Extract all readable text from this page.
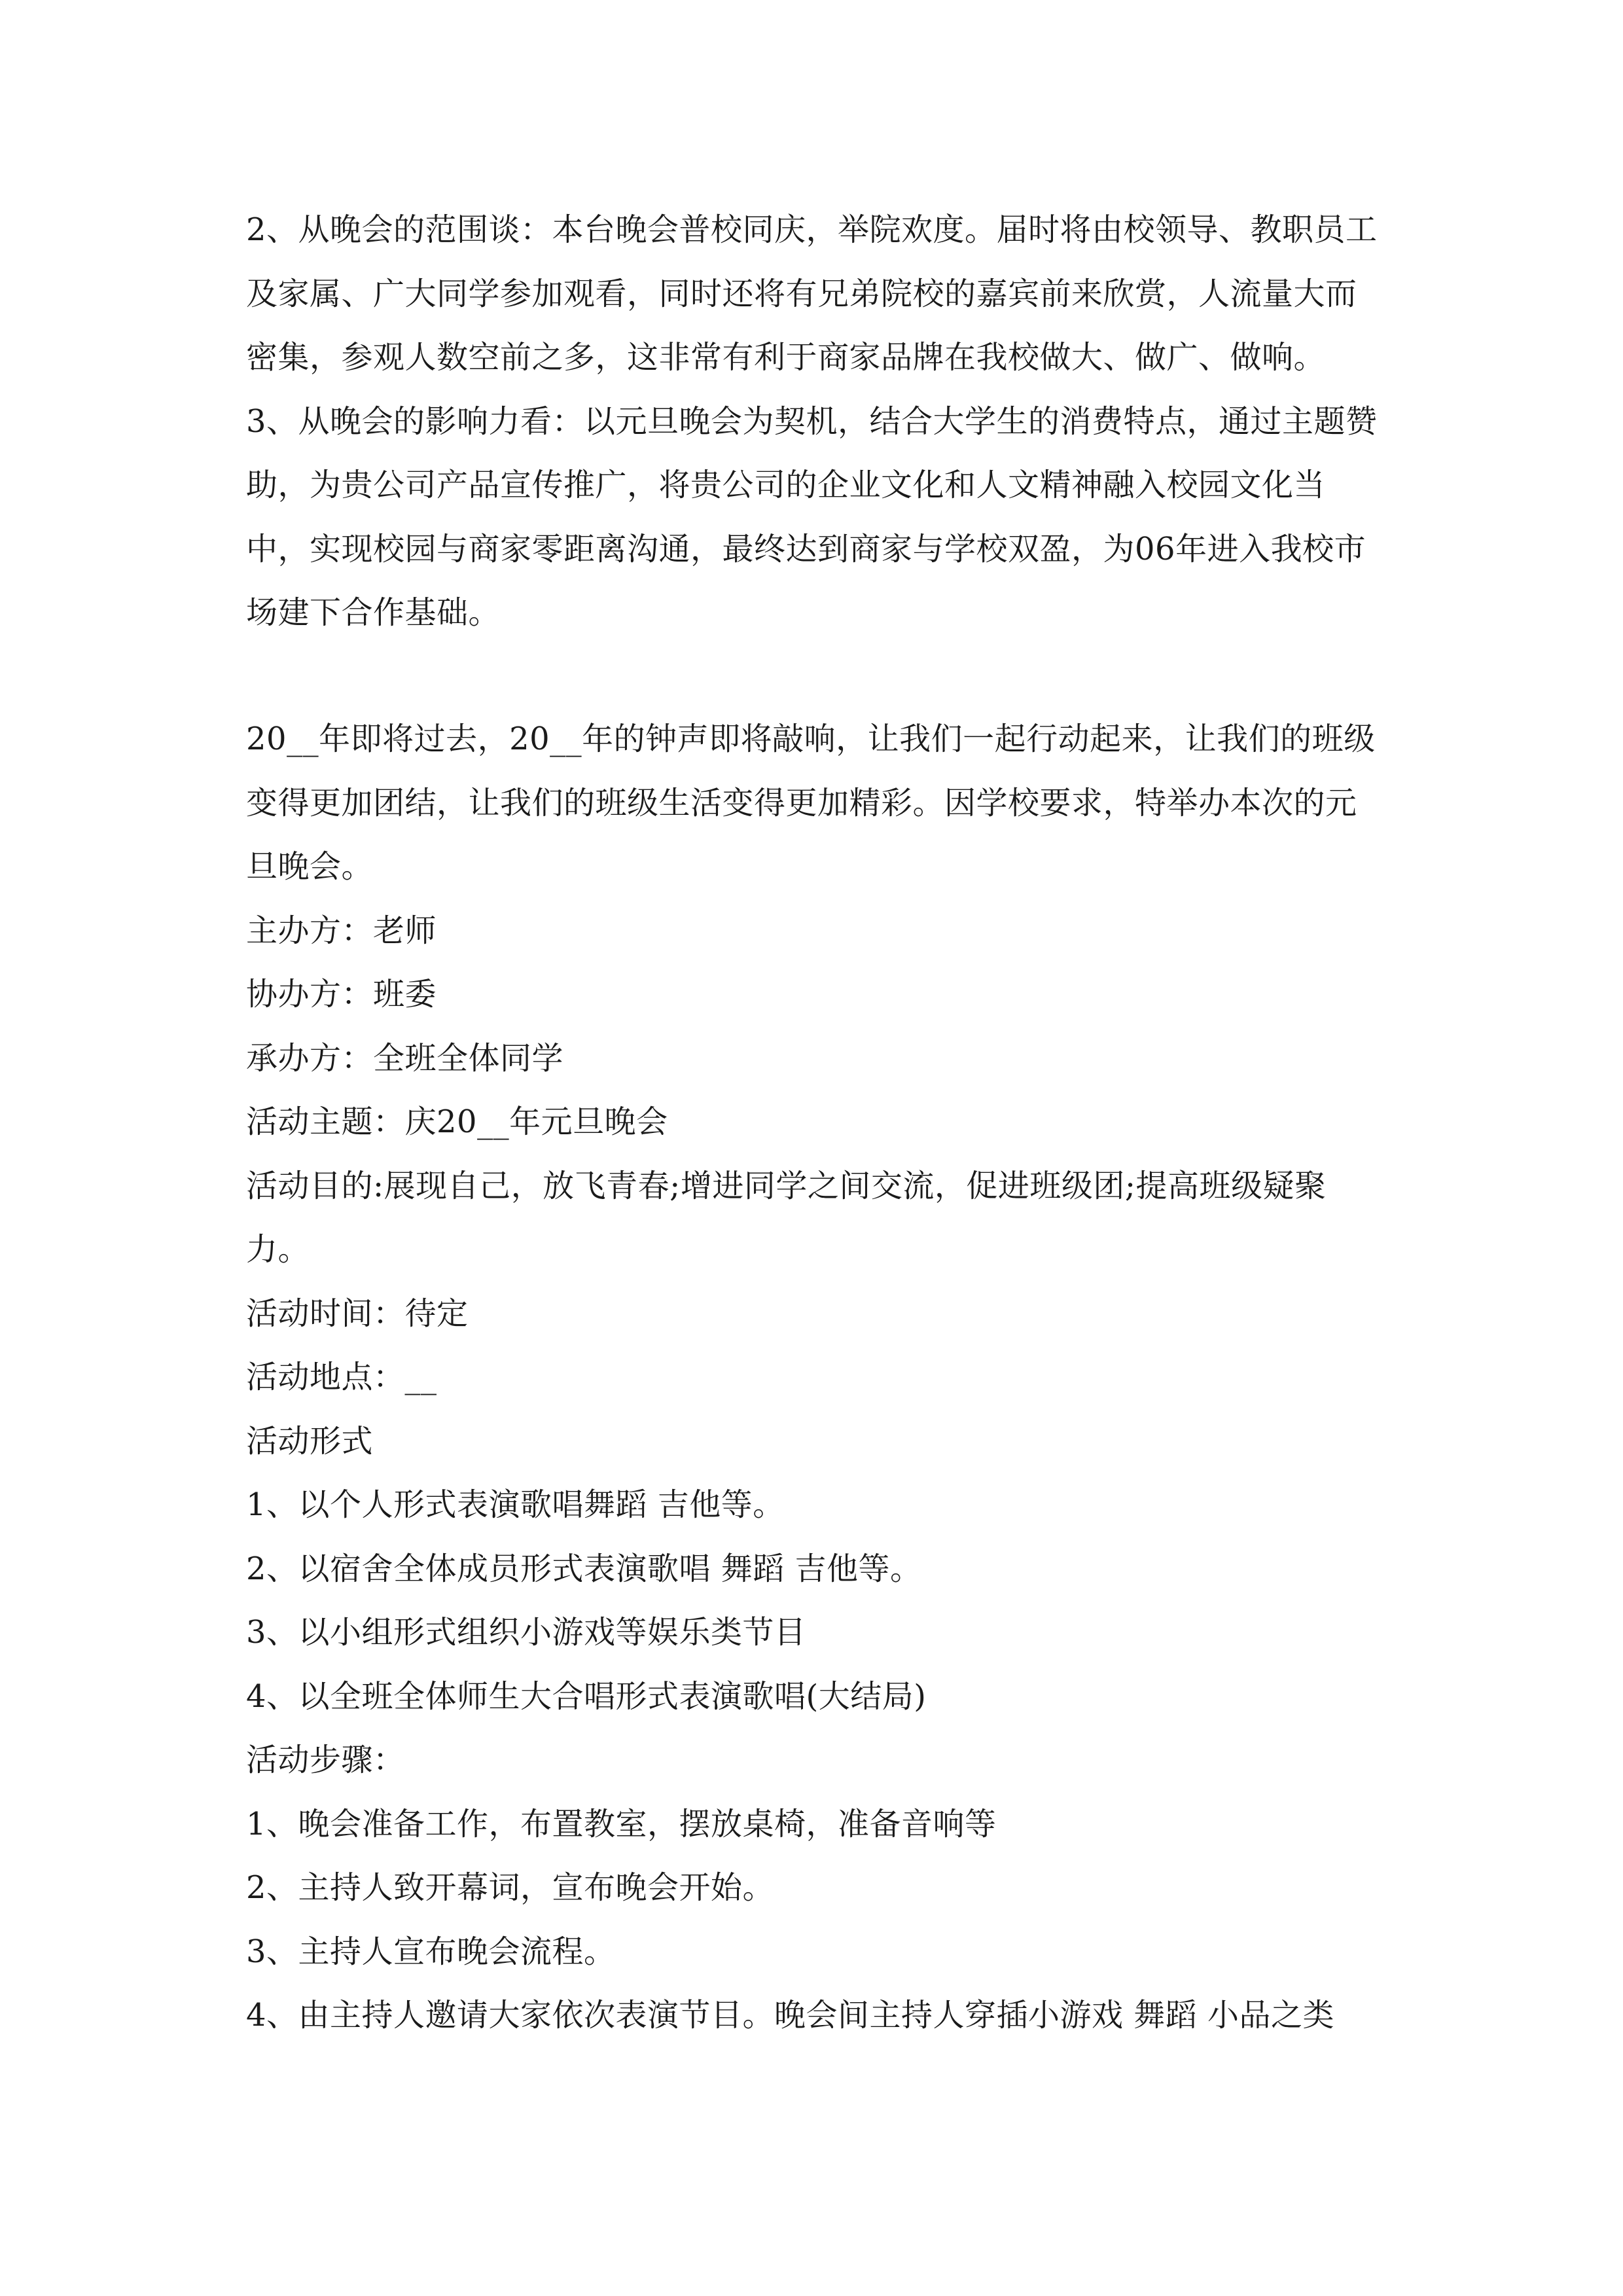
2、从晚会的范围谈：本台晚会普校同庆，举院欢度。届时将由校领导、教职员工及家属、广大同学参加观看，同时还将有兄弟院校的嘉宾前来欣赏，人流量大而密集，参观人数空前之多，这非常有利于商家品牌在我校做大、做广、做响。

3、从晚会的影响力看：以元旦晚会为契机，结合大学生的消费特点，通过主题赞助，为贵公司产品宣传推广，将贵公司的企业文化和人文精神融入校园文化当中，实现校园与商家零距离沟通，最终达到商家与学校双盈，为06年进入我校市场建下合作基础。

20__年即将过去，20__年的钟声即将敲响，让我们一起行动起来，让我们的班级变得更加团结，让我们的班级生活变得更加精彩。因学校要求，特举办本次的元旦晚会。

主办方：老师

协办方：班委

承办方：全班全体同学

活动主题：庆20__年元旦晚会

活动目的:展现自己，放飞青春;增进同学之间交流，促进班级团;提高班级疑聚力。

活动时间：待定

活动地点：__

活动形式

1、以个人形式表演歌唱舞蹈 吉他等。

2、以宿舍全体成员形式表演歌唱 舞蹈 吉他等。

3、以小组形式组织小游戏等娱乐类节目

4、以全班全体师生大合唱形式表演歌唱(大结局)

活动步骤：

1、晚会准备工作，布置教室，摆放桌椅，准备音响等

2、主持人致开幕词，宣布晚会开始。

3、主持人宣布晚会流程。

4、由主持人邀请大家依次表演节目。晚会间主持人穿插小游戏 舞蹈 小品之类
